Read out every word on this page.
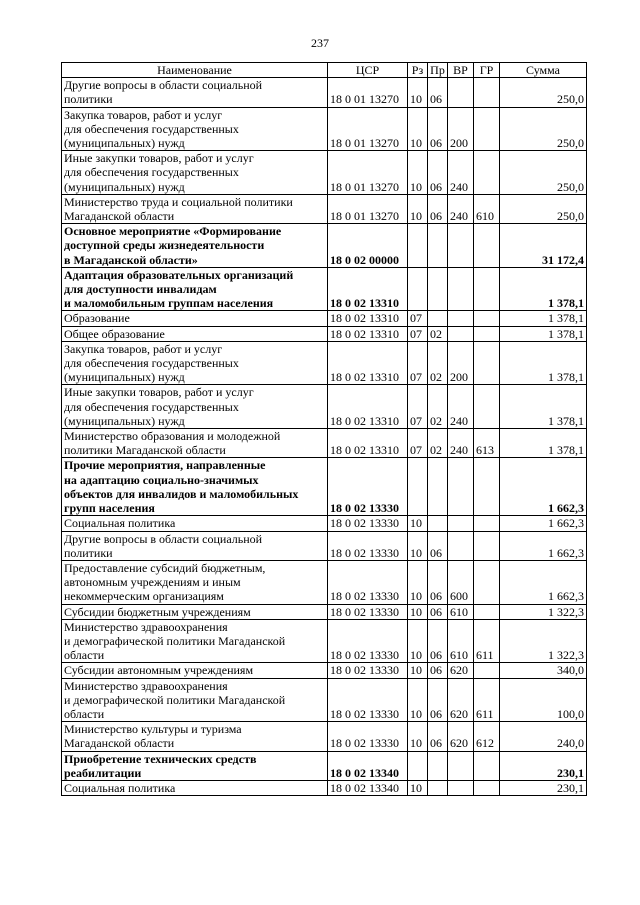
237
Наименование	ЦСР	Рз	Пр	ВР	ГР	Сумма

Другие вопросы в области социальной
политики	18 0 01 13270	10	06			250,0

Закупка товаров, работ и услуг
для обеспечения государственных
(муниципальных) нужд	18 0 01 13270	10	06	200		250,0

Иные закупки товаров, работ и услуг
для обеспечения государственных
(муниципальных) нужд	18 0 01 13270	10	06	240		250,0

Министерство труда и социальной политики
Магаданской области	18 0 01 13270	10	06	240	610	250,0

Основное мероприятие «Формирование
доступной среды жизнедеятельности
в Магаданской области»	18 0 02 00000					31 172,4

Адаптация образовательных организаций
для доступности инвалидам
и маломобильным группам населения	18 0 02 13310					1 378,1

Образование	18 0 02 13310	07				1 378,1

Общее образование	18 0 02 13310	07	02			1 378,1

Закупка товаров, работ и услуг
для обеспечения государственных
(муниципальных) нужд	18 0 02 13310	07	02	200		1 378,1

Иные закупки товаров, работ и услуг
для обеспечения государственных
(муниципальных) нужд	18 0 02 13310	07	02	240		1 378,1

Министерство образования и молодежной
политики Магаданской области	18 0 02 13310	07	02	240	613	1 378,1

Прочие мероприятия, направленные
на адаптацию социально-значимых
объектов для инвалидов и маломобильных
групп населения	18 0 02 13330					1 662,3

Социальная политика	18 0 02 13330	10				1 662,3

Другие вопросы в области социальной
политики	18 0 02 13330	10	06			1 662,3

Предоставление субсидий бюджетным,
автономным учреждениям и иным
некоммерческим организациям	18 0 02 13330	10	06	600		1 662,3

Субсидии бюджетным учреждениям	18 0 02 13330	10	06	610		1 322,3

Министерство здравоохранения
и демографической политики Магаданской
области	18 0 02 13330	10	06	610	611	1 322,3

Субсидии автономным учреждениям	18 0 02 13330	10	06	620		340,0

Министерство здравоохранения
и демографической политики Магаданской
области	18 0 02 13330	10	06	620	611	100,0

Министерство культуры и туризма
Магаданской области	18 0 02 13330	10	06	620	612	240,0

Приобретение технических средств
реабилитации	18 0 02 13340					230,1

Социальная политика	18 0 02 13340	10				230,1
